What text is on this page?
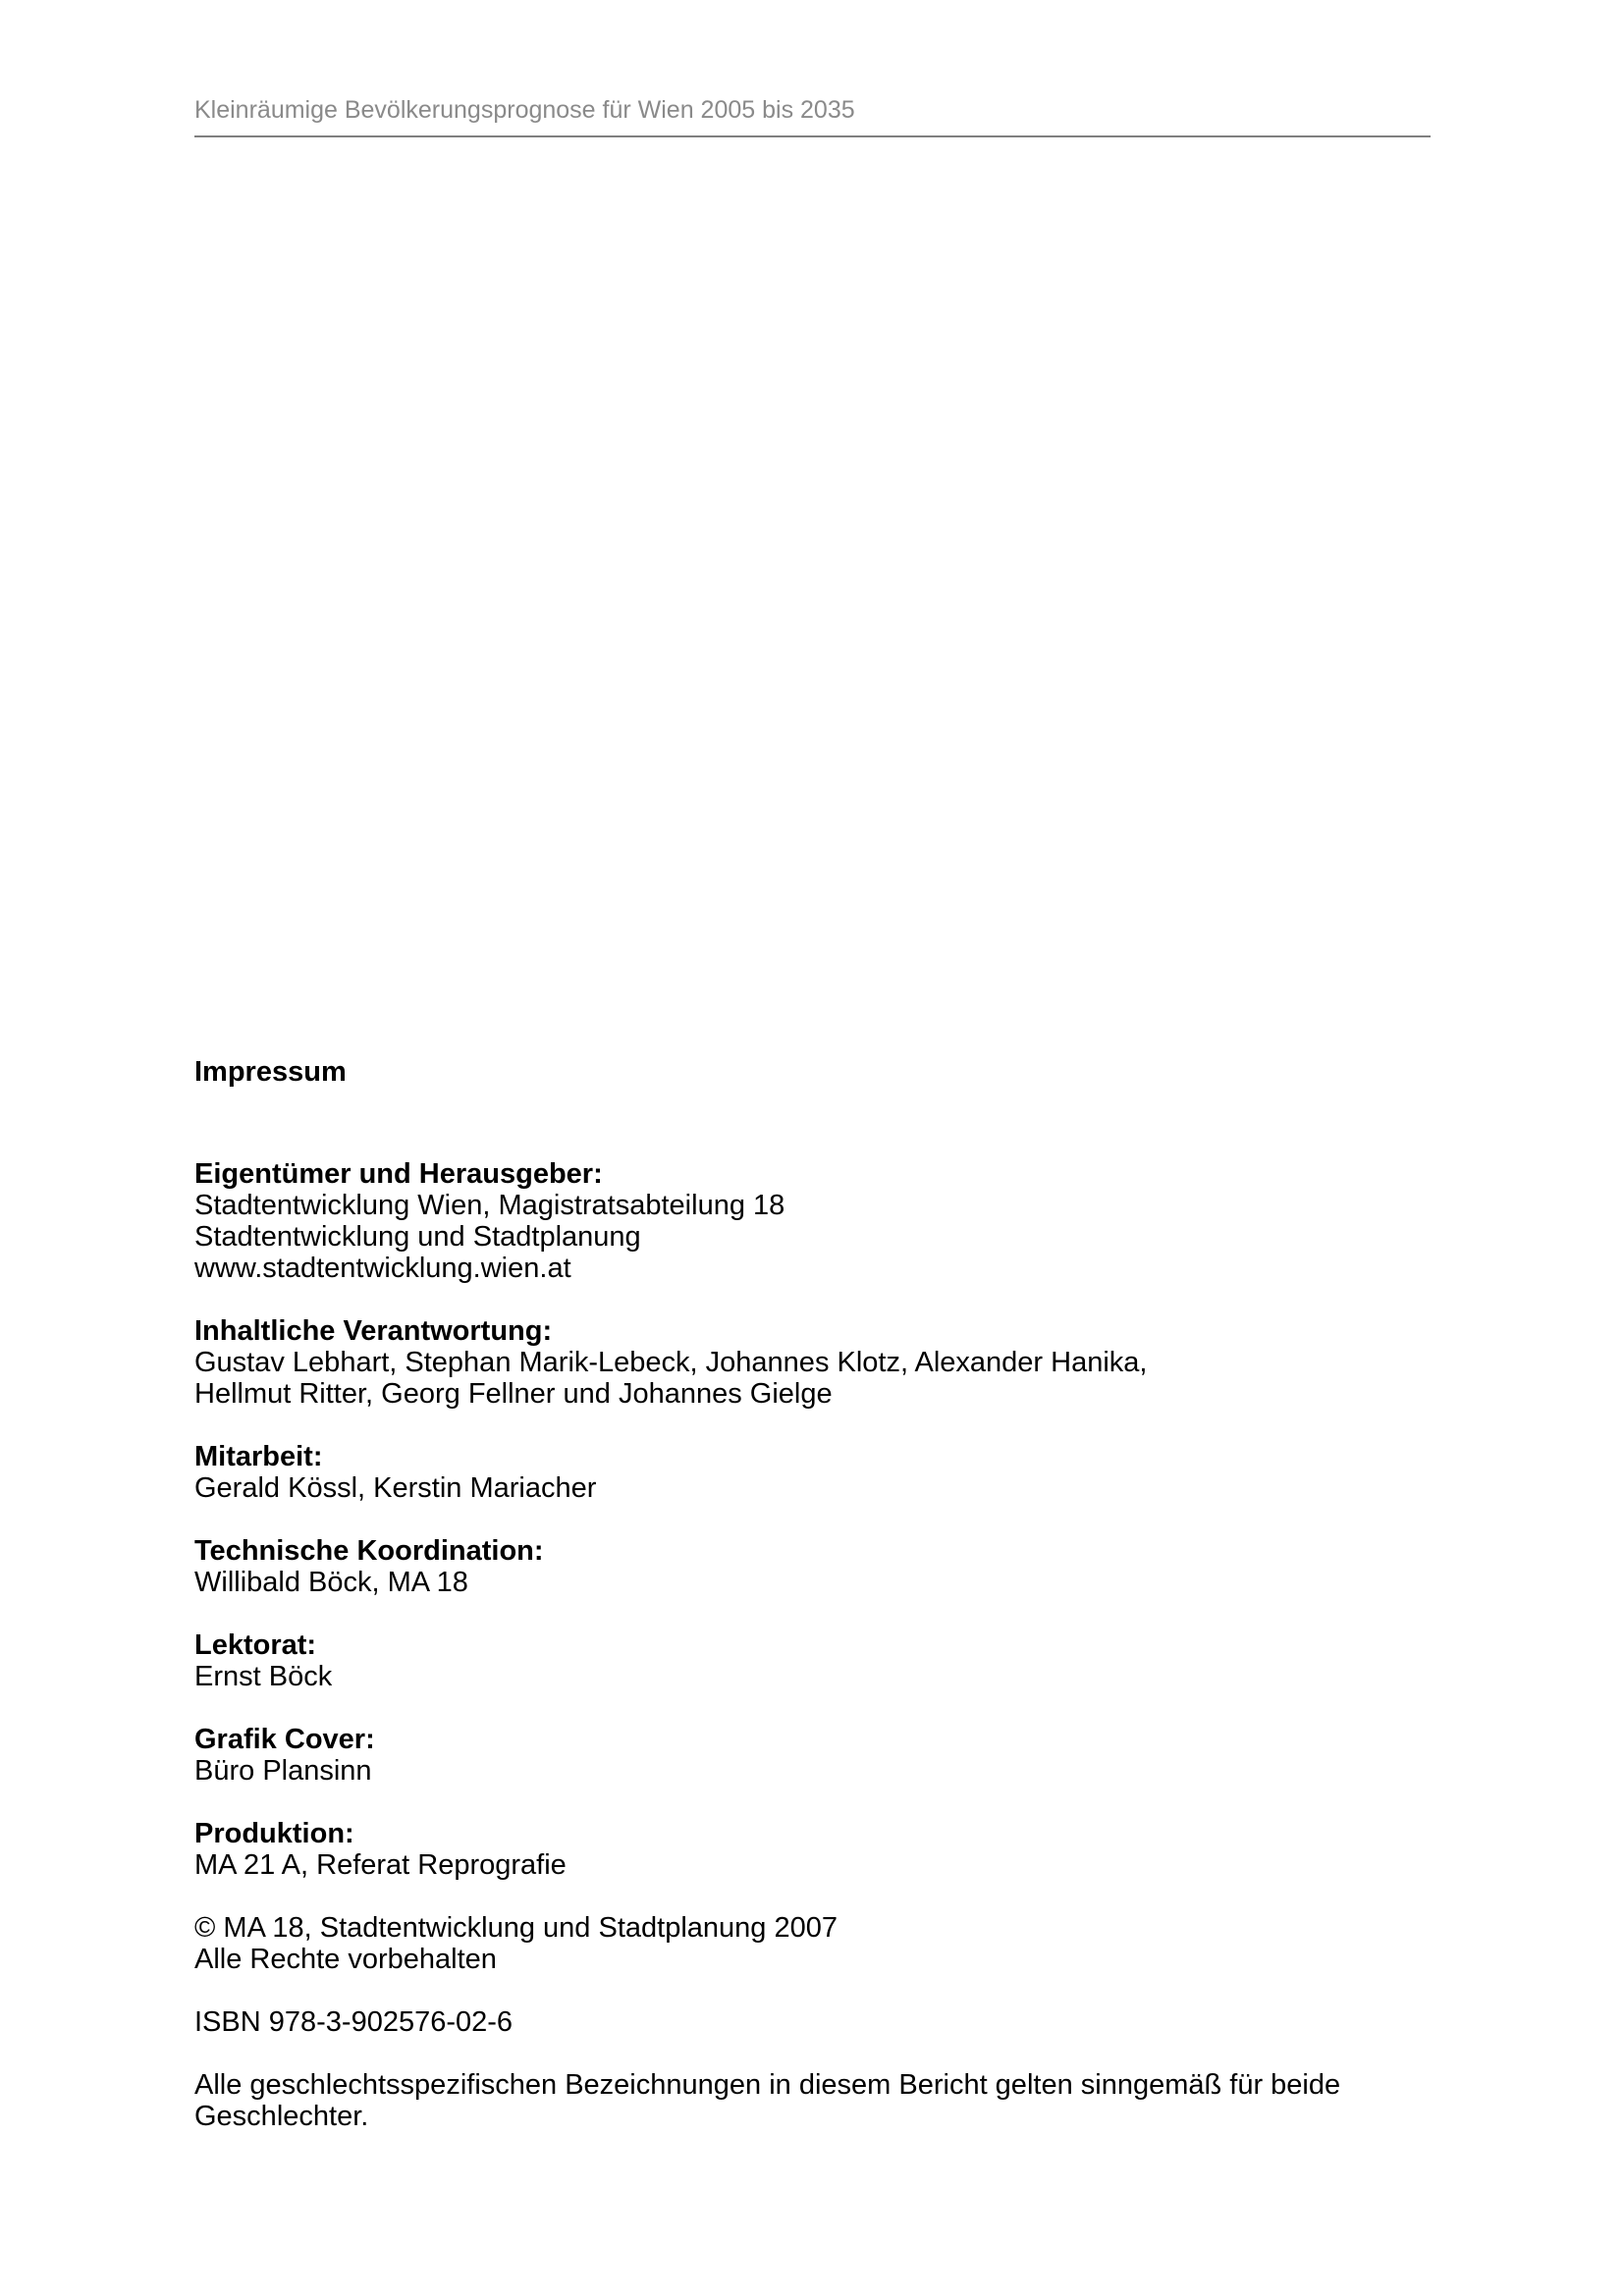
Kleinräumige Bevölkerungsprognose für Wien 2005 bis 2035
Impressum
Eigentümer und Herausgeber:
Stadtentwicklung Wien, Magistratsabteilung 18
Stadtentwicklung und Stadtplanung
www.stadtentwicklung.wien.at
Inhaltliche Verantwortung:
Gustav Lebhart, Stephan Marik-Lebeck, Johannes Klotz, Alexander Hanika,
Hellmut Ritter, Georg Fellner und Johannes Gielge
Mitarbeit:
Gerald Kössl, Kerstin Mariacher
Technische Koordination:
Willibald Böck, MA 18
Lektorat:
Ernst Böck
Grafik Cover:
Büro Plansinn
Produktion:
MA 21 A, Referat Reprografie
© MA 18, Stadtentwicklung und Stadtplanung 2007
Alle Rechte vorbehalten
ISBN 978-3-902576-02-6
Alle geschlechtsspezifischen Bezeichnungen in diesem Bericht gelten sinngemäß für beide
Geschlechter.
